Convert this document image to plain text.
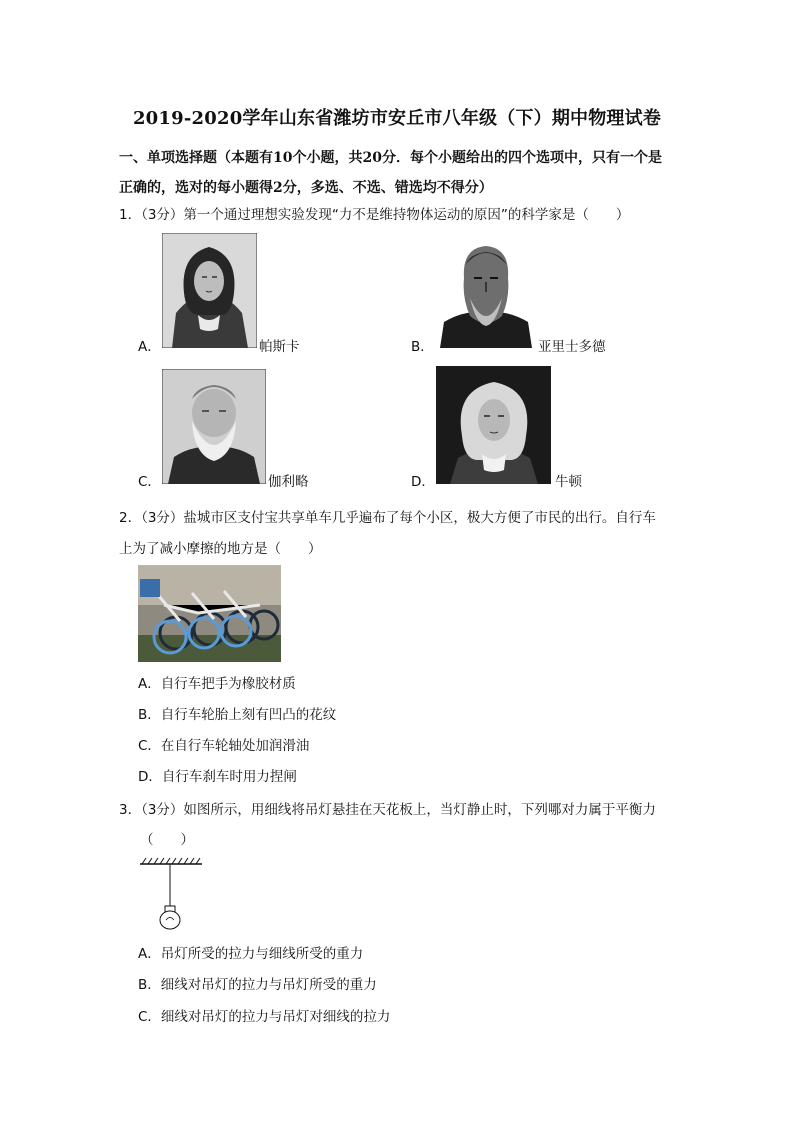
2019-2020学年山东省潍坊市安丘市八年级（下）期中物理试卷
一、单项选择题（本题有10个小题，共20分．每个小题给出的四个选项中，只有一个是
正确的，选对的每小题得2分，多选、不选、错选均不得分）
1．（3分）第一个通过理想实验发现“力不是维持物体运动的原因”的科学家是（　　）
A．	帕斯卡	B．	亚里士多德
C．	伽利略	D．	牛顿
2．（3分）盐城市区支付宝共享单车几乎遍布了每个小区，极大方便了市民的出行。自行车
上为了减小摩擦的地方是（　　）
A．自行车把手为橡胶材质
B．自行车轮胎上刻有凹凸的花纹
C．在自行车轮轴处加润滑油
D．自行车刹车时用力捏闸
3．（3分）如图所示，用细线将吊灯悬挂在天花板上，当灯静止时，下列哪对力属于平衡力
（　　）
A．吊灯所受的拉力与细线所受的重力
B．细线对吊灯的拉力与吊灯所受的重力
C．细线对吊灯的拉力与吊灯对细线的拉力
